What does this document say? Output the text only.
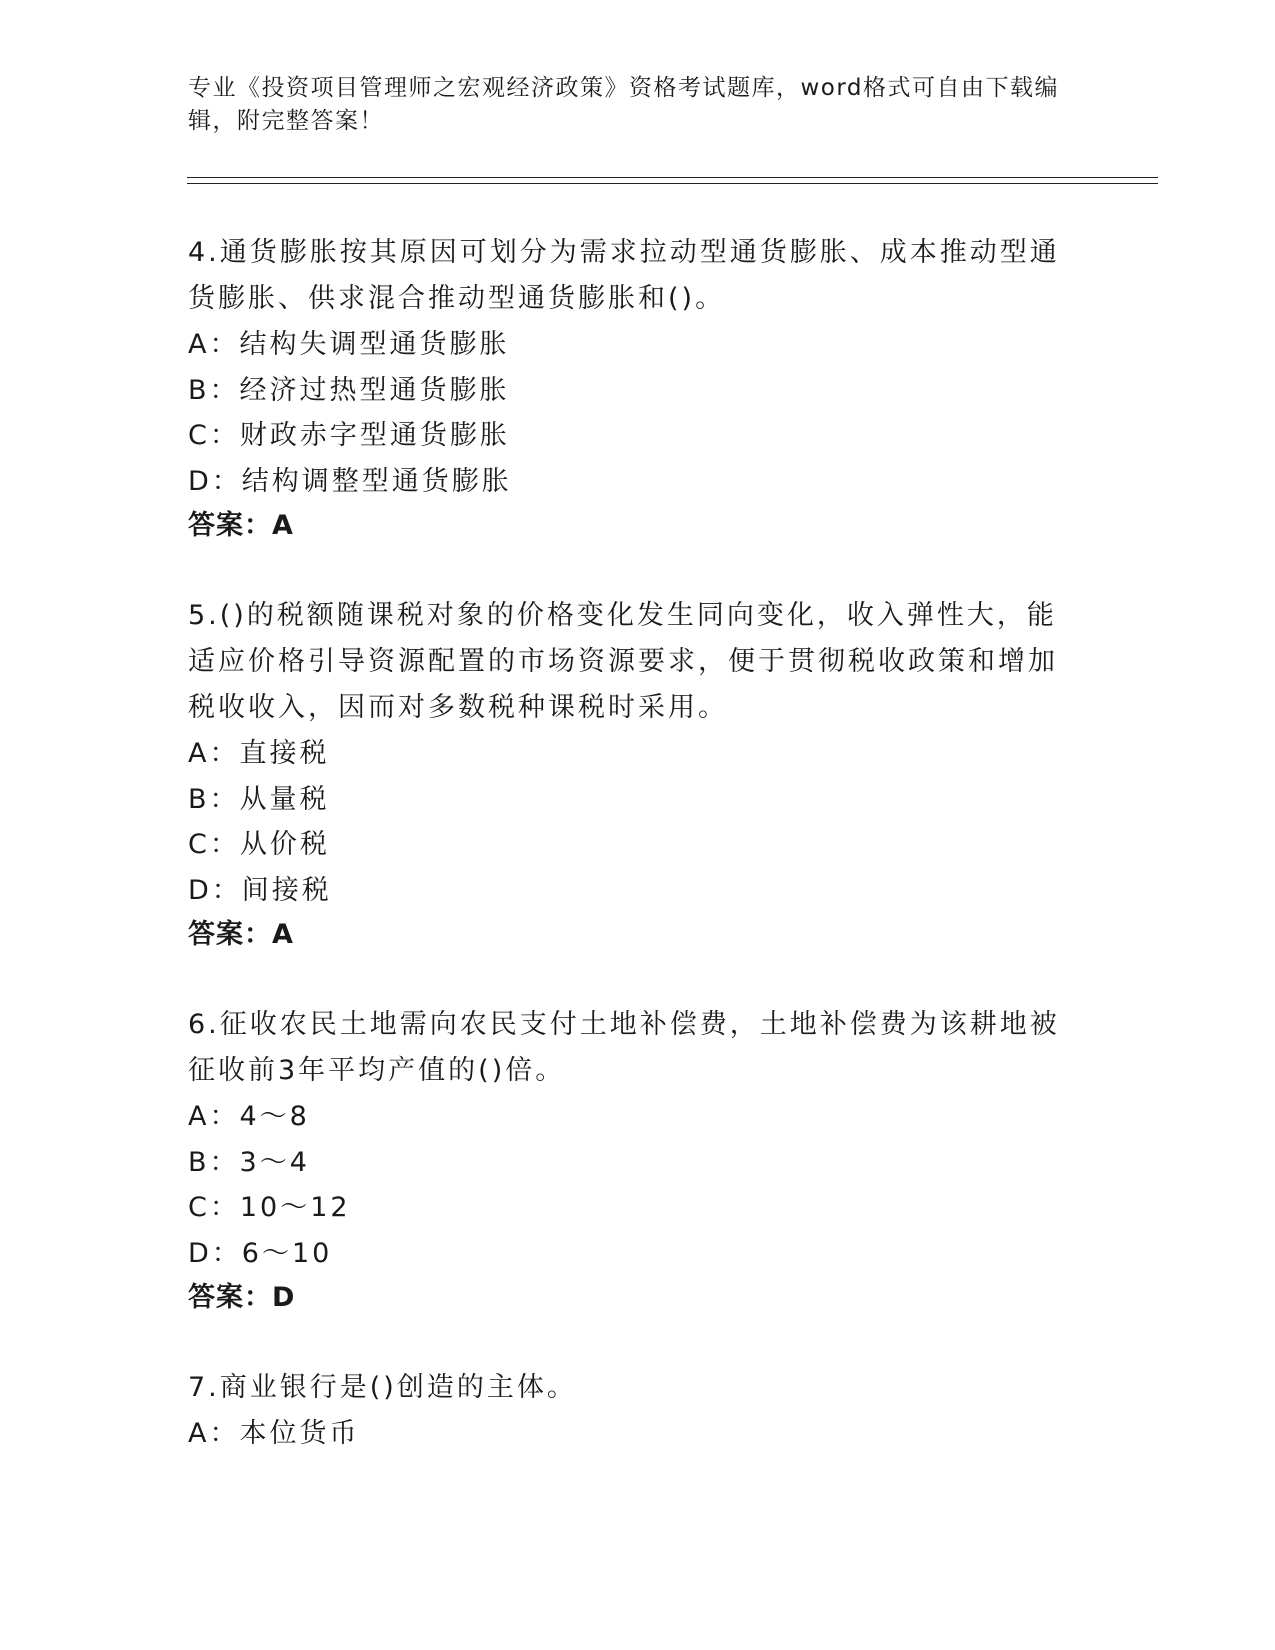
专业《投资项目管理师之宏观经济政策》资格考试题库，word格式可自由下载编辑，附完整答案！
4.通货膨胀按其原因可划分为需求拉动型通货膨胀、成本推动型通货膨胀、供求混合推动型通货膨胀和()。
A：结构失调型通货膨胀
B：经济过热型通货膨胀
C：财政赤字型通货膨胀
D：结构调整型通货膨胀
答案：A
5.()的税额随课税对象的价格变化发生同向变化，收入弹性大，能适应价格引导资源配置的市场资源要求，便于贯彻税收政策和增加税收收入，因而对多数税种课税时采用。
A：直接税
B：从量税
C：从价税
D：间接税
答案：A
6.征收农民土地需向农民支付土地补偿费，土地补偿费为该耕地被征收前3年平均产值的()倍。
A：4～8
B：3～4
C：10～12
D：6～10
答案：D
7.商业银行是()创造的主体。
A：本位货币
